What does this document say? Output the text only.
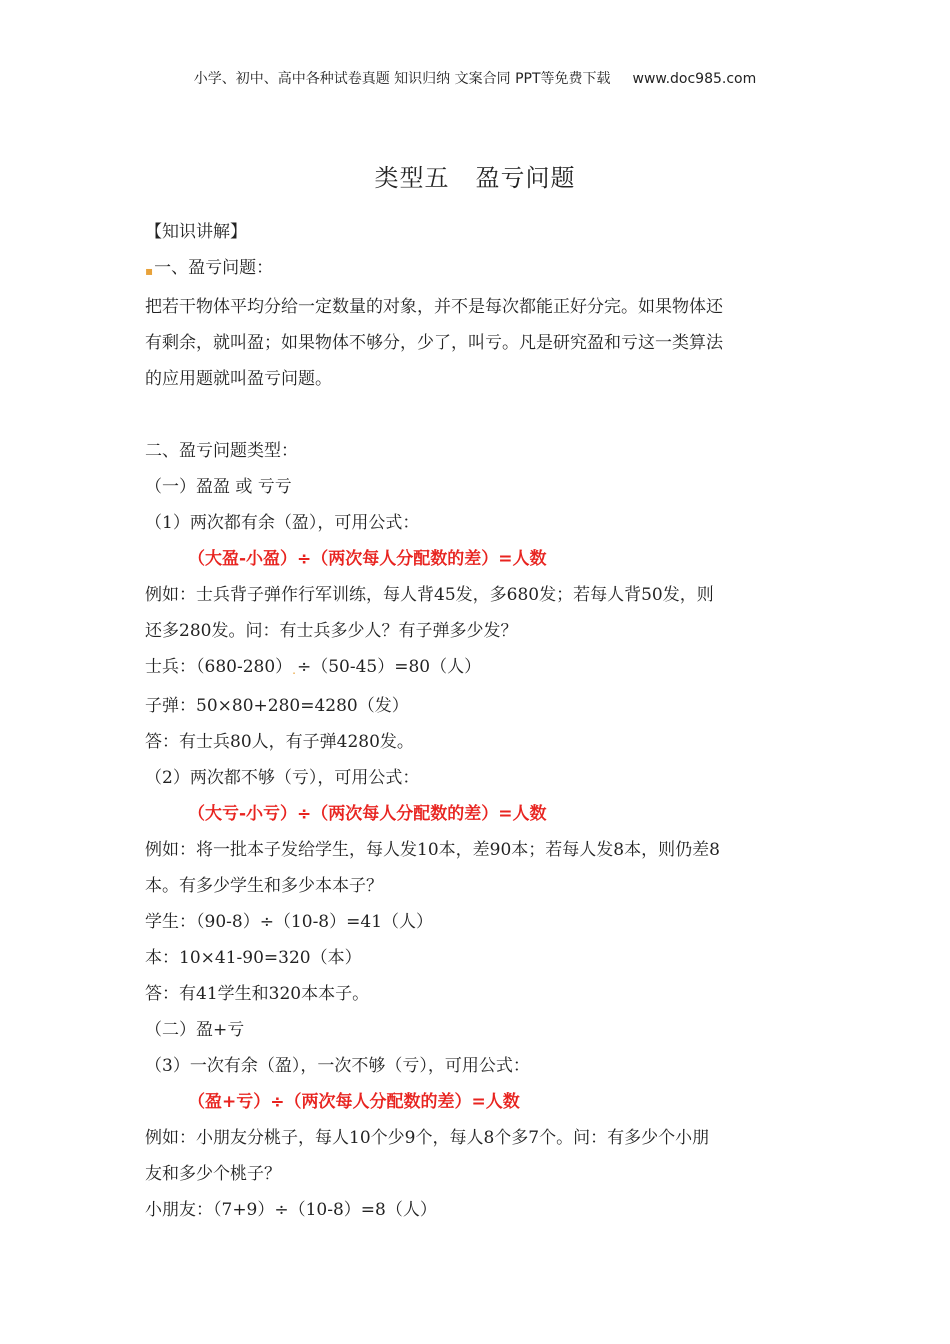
小学、初中、高中各种试卷真题 知识归纳 文案合同 PPT等免费下载 www.doc985.com
类型五 盈亏问题

【知识讲解】

▪一、盈亏问题：

把若干物体平均分给一定数量的对象，并不是每次都能正好分完。如果物体还

有剩余，就叫盈；如果物体不够分，少了，叫亏。凡是研究盈和亏这一类算法

的应用题就叫盈亏问题。

二、盈亏问题类型：

（一）盈盈 或 亏亏

（1）两次都有余（盈），可用公式：

（大盈-小盈）÷（两次每人分配数的差）=人数

例如：士兵背子弹作行军训练，每人背45发，多680发；若每人背50发，则

还多280发。问：有士兵多少人？有子弹多少发？

士兵：（680-280）.÷（50-45）=80（人）

子弹：50×80+280=4280（发）

答：有士兵80人，有子弹4280发。

（2）两次都不够（亏），可用公式：

（大亏-小亏）÷（两次每人分配数的差）=人数

例如：将一批本子发给学生，每人发10本，差90本；若每人发8本，则仍差8

本。有多少学生和多少本本子？

学生：（90-8）÷（10-8）=41（人）

本：10×41-90=320（本）

答：有41学生和320本本子。

（二）盈+亏

（3）一次有余（盈），一次不够（亏），可用公式：

（盈+亏）÷（两次每人分配数的差）=人数

例如：小朋友分桃子，每人10个少9个，每人8个多7个。问：有多少个小朋

友和多少个桃子？

小朋友：（7+9）÷（10-8）=8（人）
